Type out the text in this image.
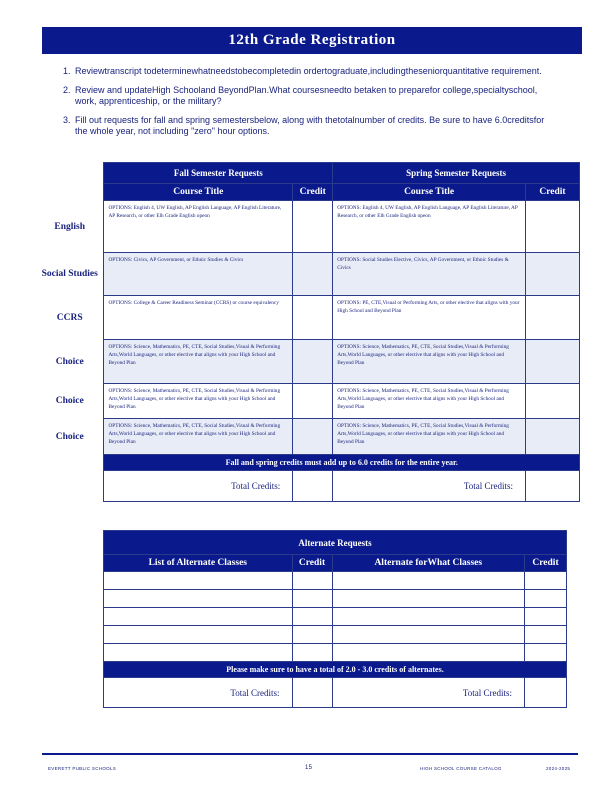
12th Grade Registration
1. Reviewtranscript todeterminewhatneedstobecompletedin ordertograduate,includingtheseniorquantitative requirement.
2. Review and updateHigh Schooland BeyondPlan.What coursesneedto betaken to preparefor college,specialtyschool, work, apprenticeship, or the military?
3. Fill out requests for fall and spring semestersbelow, along with thetotalnumber of credits. Be sure to have 6.0creditsfor the whole year, not including "zero" hour options.
	Fall Semester Requests		Spring Semester Requests	
	Course Title	Credit	Course Title	Credit
English	OPTIONS: English 4, UW English, AP English Language, AP English Literature, AP Research, or other Elh Grade English opeon		OPTIONS: English 4, UW English, AP English Language, AP English Literature, AP Research, or other Elh Grade English opeon	
Social Studies	OPTIONS: Civics, AP Government, or Ethnic Studies & Civics		OPTIONS: Social Studies Elective, Civics, AP Government, or Ethnic Studies & Civics	
CCRS	OPTIONS: College & Career Readiness Seminar (CCRS) or course equivalency		OPTIONS: PE, CTE,Visual or Performing Arts, or other elective that aligns with your High School and Beyond Plan	
Choice	OPTIONS: Science, Mathematics, PE, CTE, Social Studies,Visual & Performing Arts,World Languages, or other elective that aligns with your High School and Beyond Plan		OPTIONS: Science, Mathematics, PE, CTE, Social Studies,Visual & Performing Arts,World Languages, or other elective that aligns with your High School and Beyond Plan	
Choice	OPTIONS: Science, Mathematics, PE, CTE, Social Studies,Visual & Performing Arts,World Languages, or other elective that aligns with your High School and Beyond Plan		OPTIONS: Science, Mathematics, PE, CTE, Social Studies,Visual & Performing Arts,World Languages, or other elective that aligns with your High School and Beyond Plan	
Choice	OPTIONS: Science, Mathematics, PE, CTE, Social Studies,Visual & Performing Arts,World Languages, or other elective that aligns with your High School and Beyond Plan		OPTIONS: Science, Mathematics, PE, CTE, Social Studies,Visual & Performing Arts,World Languages, or other elective that aligns with your High School and Beyond Plan	
	Fall and spring credits must add up to 6.0 credits for the entire year.			
	Total Credits:		Total Credits:	
Alternate Requests			
List of Alternate Classes	Credit	Alternate forWhat Classes	Credit

Please make sure to have a total of 2.0 - 3.0 credits of alternates.			
Total Credits:		Total Credits:	
EVERETT PUBLIC SCHOOLS	15	HIGH SCHOOL COURSE CATALOG	2024-2025
